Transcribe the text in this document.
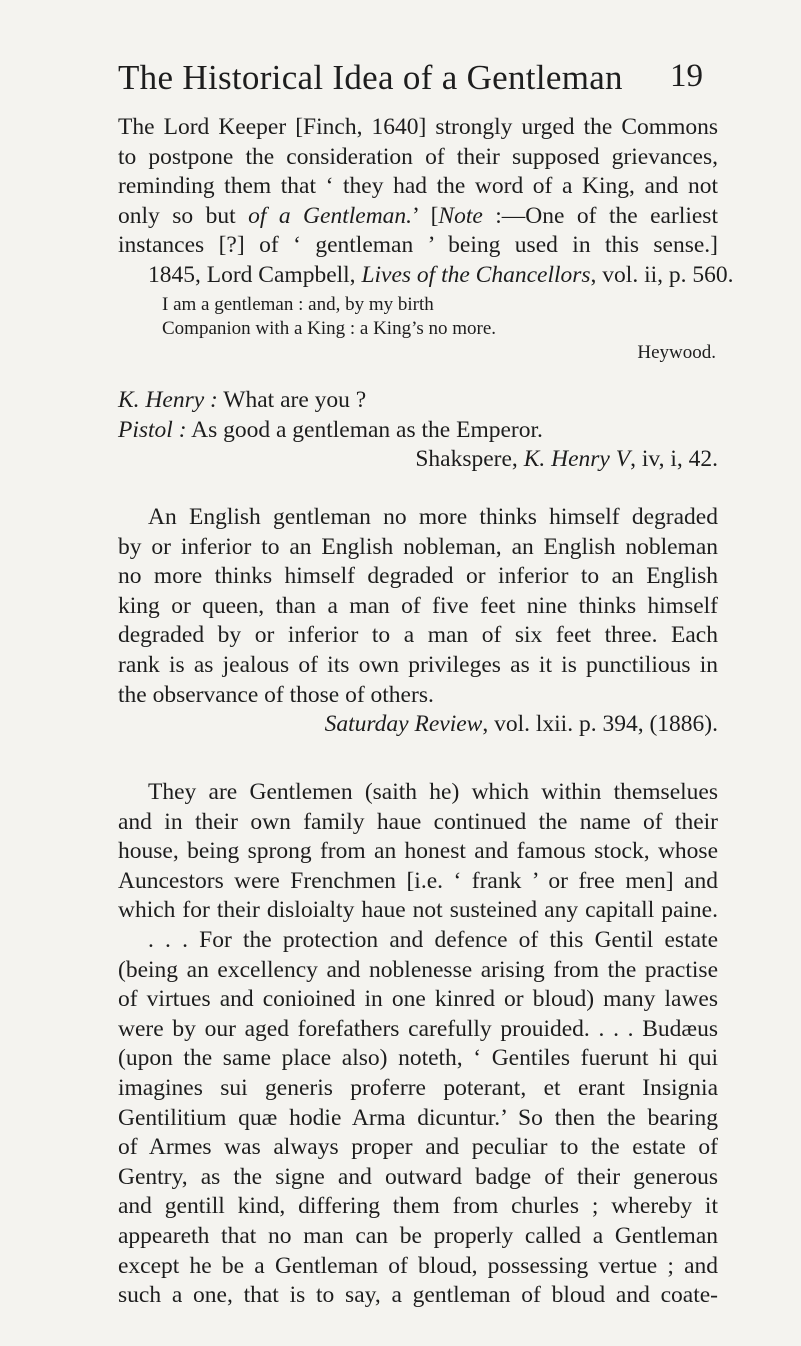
The Historical Idea of a Gentleman 19
The Lord Keeper [Finch, 1640] strongly urged the Commons
to postpone the consideration of their supposed grievances,
reminding them that ‘ they had the word of a King, and not
only so but of a Gentleman.’ [Note :—One of the earliest
instances [?] of ‘ gentleman ’ being used in this sense.]
1845, Lord Campbell, Lives of the Chancellors, vol. ii, p. 560.
I am a gentleman : and, by my birth
Companion with a King : a King’s no more.
Heywood.
K. Henry : What are you ?
Pistol : As good a gentleman as the Emperor.
Shakspere, K. Henry V, iv, i, 42.
An English gentleman no more thinks himself degraded
by or inferior to an English nobleman, an English nobleman
no more thinks himself degraded or inferior to an English
king or queen, than a man of five feet nine thinks himself
degraded by or inferior to a man of six feet three. Each
rank is as jealous of its own privileges as it is punctilious in
the observance of those of others.
Saturday Review, vol. lxii. p. 394, (1886).
They are Gentlemen (saith he) which within themselues
and in their own family haue continued the name of their
house, being sprong from an honest and famous stock, whose
Auncestors were Frenchmen [i.e. ‘ frank ’ or free men] and
which for their disloialty haue not susteined any capitall paine.
. . . For the protection and defence of this Gentil estate
(being an excellency and noblenesse arising from the practise
of virtues and conioined in one kinred or bloud) many lawes
were by our aged forefathers carefully prouided. . . . Budæus
(upon the same place also) noteth, ‘ Gentiles fuerunt hi qui
imagines sui generis proferre poterant, et erant Insignia
Gentilitium quæ hodie Arma dicuntur.’ So then the bearing
of Armes was always proper and peculiar to the estate of
Gentry, as the signe and outward badge of their generous
and gentill kind, differing them from churles ; whereby it
appeareth that no man can be properly called a Gentleman
except he be a Gentleman of bloud, possessing vertue ; and
such a one, that is to say, a gentleman of bloud and coate-
